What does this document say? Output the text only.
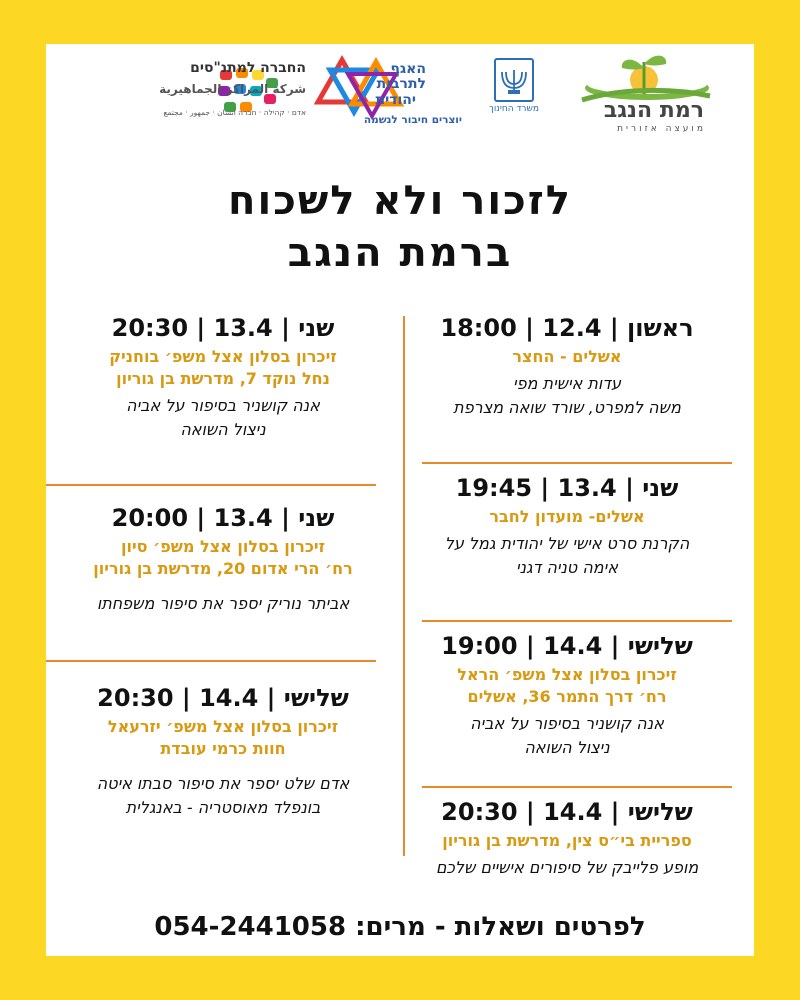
רמת הנגב
מועצה אזורית
משרד החינוך
האגף
לתרבות
יהודית
יוצרים חיבור לנשמה
החברה למתנ"סים
شركة المراكز الجماهيرية
אדם · קהילה · חברה انسان · جمهور · مجتمع
לזכור ולא לשכוח
ברמת הנגב
ראשון | 12.4 | 18:00
אשלים - החצר
עדות אישית מפי
משה למפרט, שורד שואה מצרפת
שני | 13.4 | 19:45
אשלים- מועדון לחבר
הקרנת סרט אישי של יהודית גמל על
אימה טניה דגני
שלישי | 14.4 | 19:00
זיכרון בסלון אצל משפ׳ הראל
רח׳ דרך התמר 36, אשלים
אנה קושניר בסיפור על אביה
ניצול השואה
שלישי | 14.4 | 20:30
ספריית בי״ס צין, מדרשת בן גוריון
מופע פלייבק של סיפורים אישיים שלכם
שני | 13.4 | 20:30
זיכרון בסלון אצל משפ׳ בוחניק
נחל נוקד 7, מדרשת בן גוריון
אנה קושניר בסיפור על אביה
ניצול השואה
שני | 13.4 | 20:00
זיכרון בסלון אצל משפ׳ סיון
רח׳ הרי אדום 20, מדרשת בן גוריון
אביתר נוריק יספר את סיפור משפחתו
שלישי | 14.4 | 20:30
זיכרון בסלון אצל משפ׳ יזרעאל
חוות כרמי עובדת
אדם שלט יספר את סיפור סבתו איטה
בונפלד מאוסטריה - באנגלית
לפרטים ושאלות - מרים: 054-2441058
